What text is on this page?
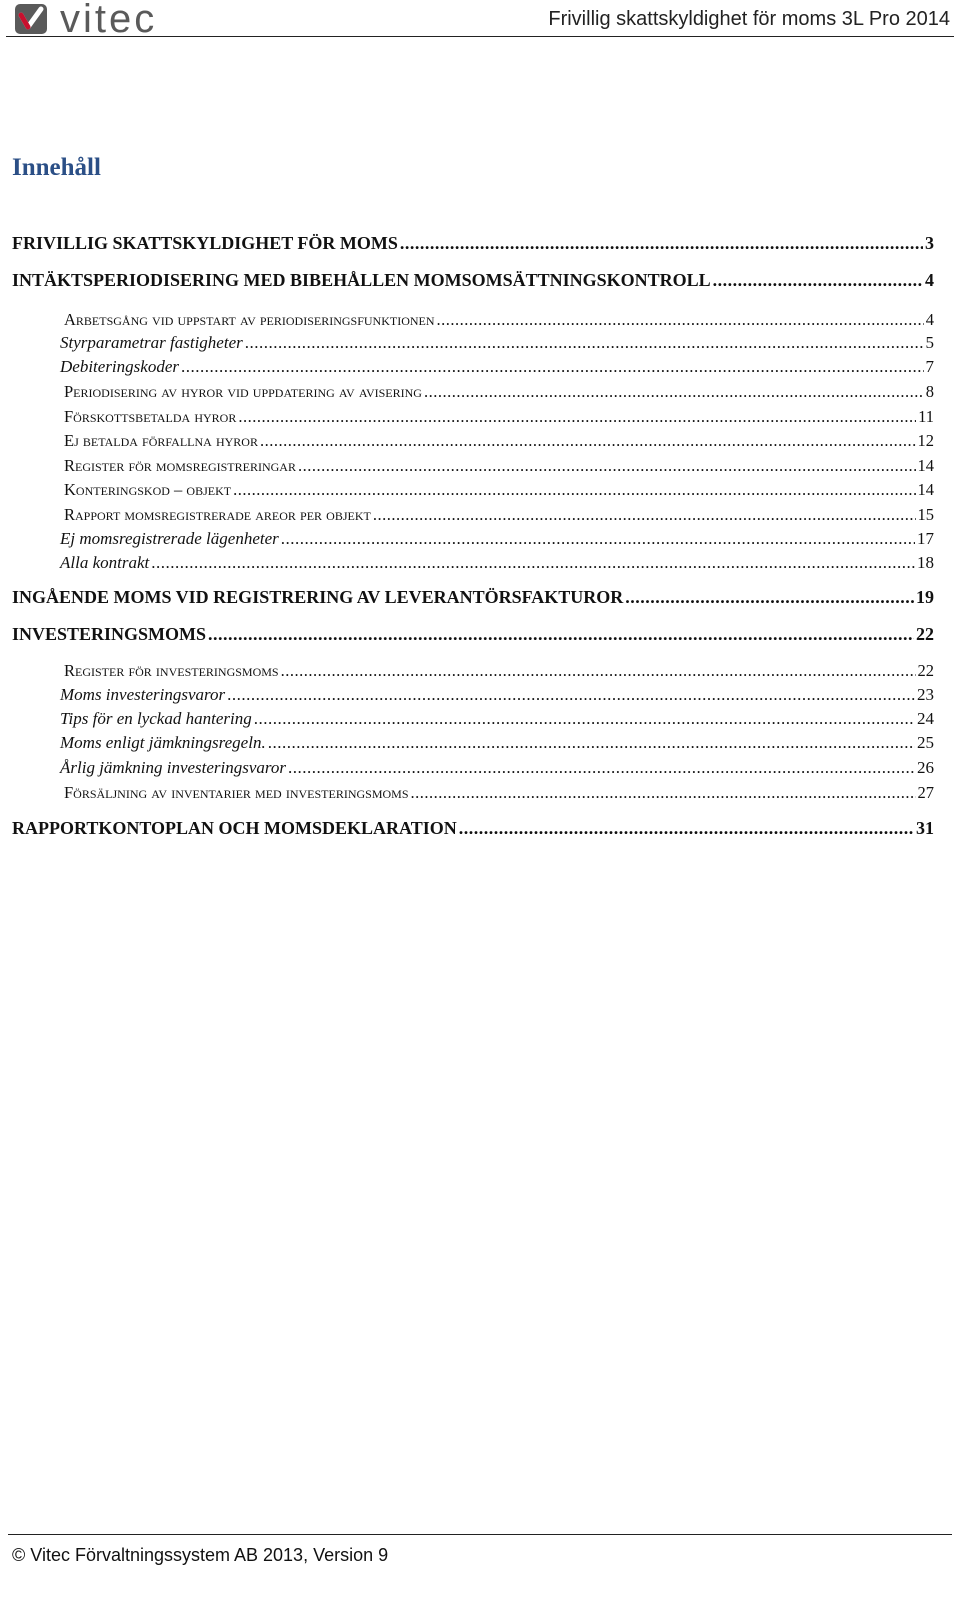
vitec	Frivillig skattskyldighet för moms 3L Pro 2014
Innehåll
FRIVILLIG SKATTSKYLDIGHET FÖR MOMS .....	3
INTÄKTSPERIODISERING MED BIBEHÅLLEN MOMSOMSÄTTNINGSKONTROLL .....	4
Arbetsgång vid uppstart av periodiseringsfunktionen .....	4
Styrparametrar fastigheter .....	5
Debiteringskoder .....	7
Periodisering av hyror vid uppdatering av avisering .....	8
Förskottsbetalda hyror .....	11
Ej betalda förfallna hyror .....	12
Register för momsregistreringar .....	14
Konteringskod – objekt .....	14
Rapport momsregistrerade areor per objekt .....	15
Ej momsregistrerade lägenheter .....	17
Alla kontrakt .....	18
INGÅENDE MOMS VID REGISTRERING AV LEVERANTÖRSFAKTUROR .....	19
INVESTERINGSMOMS .....	22
Register för investeringsmoms .....	22
Moms investeringsvaror .....	23
Tips för en lyckad hantering .....	24
Moms enligt jämkningsregeln. .....	25
Årlig jämkning investeringsvaror .....	26
Försäljning av inventarier med investeringsmoms .....	27
RAPPORTKONTOPLAN OCH MOMSDEKLARATION .....	31
© Vitec Förvaltningssystem AB 2013, Version 9
